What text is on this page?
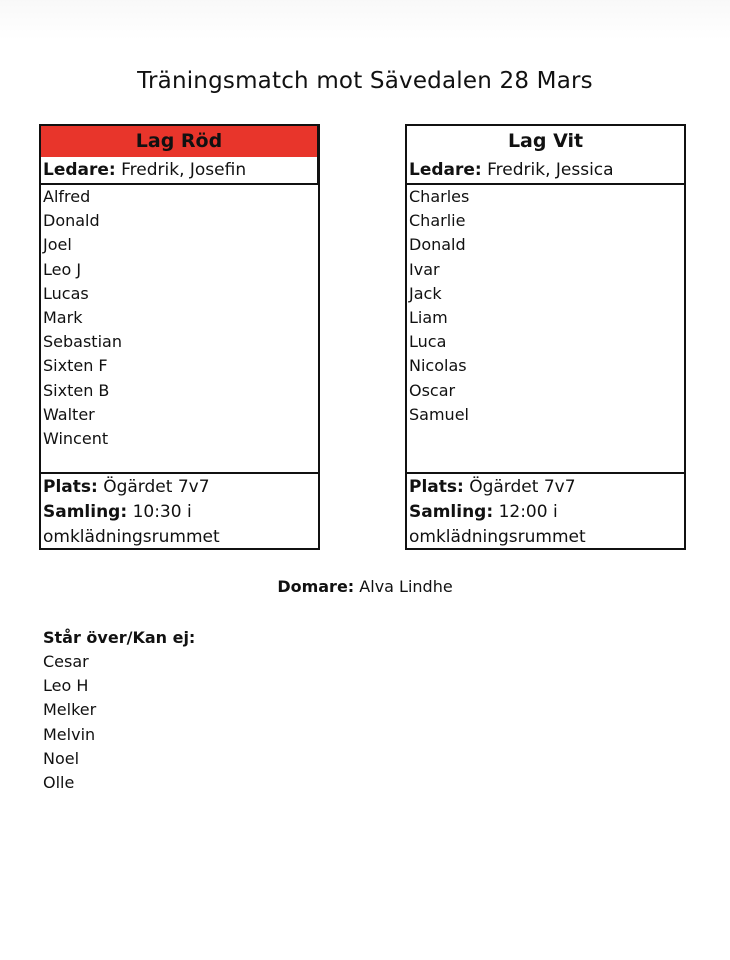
Träningsmatch mot Sävedalen 28 Mars
Lag Röd
Ledare: Fredrik, Josefin
Alfred
Donald
Joel
Leo J
Lucas
Mark
Sebastian
Sixten F
Sixten B
Walter
Wincent
Plats: Ögärdet 7v7
Samling: 10:30 i
omklädningsrummet
Lag Vit
Ledare: Fredrik, Jessica
Charles
Charlie
Donald
Ivar
Jack
Liam
Luca
Nicolas
Oscar
Samuel
Plats: Ögärdet 7v7
Samling: 12:00 i
omklädningsrummet
Domare: Alva Lindhe
Står över/Kan ej:
Cesar
Leo H
Melker
Melvin
Noel
Olle
